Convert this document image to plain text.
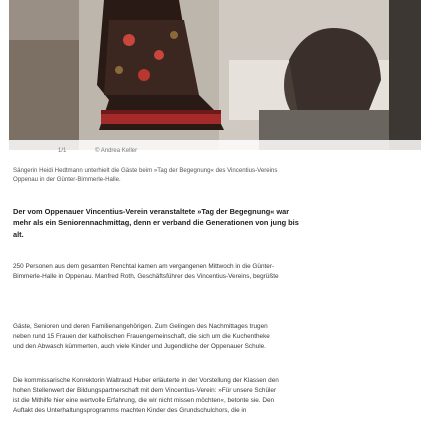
1/1	© Andrea Keller
Sängerin Heidi Hedtmann unterhielt die Gäste beim »Tag der Begegnung« des Vincentius-Vereins
Oppenau in der Günter-Bimmerle-Halle.
Der vom Oppenauer Vincentius-Verein veranstaltete »Tag der Begegnung« war
mehr als ein Seniorennachmittag, denn er verband die Generationen von jung bis
alt.
250 Personen aus dem gesamten Renchtal kamen am vergangenen Mittwoch in die Günter-
Bimmerle-Halle in Oppenau. Manfred Roth, Geschäftsführer des Vincentius-Vereins, begrüßte
Gäste, Senioren und deren Familienangehörigen. Zum Gelingen des Nachmittages trugen
neben rund 15 Frauen der katholischen Frauengemeinschaft, die sich um die Kuchentheke
und den Abwasch kümmerten, auch viele Kinder und Jugendliche der Oppenauer Schule.
Die kommissarische Konrektorin Waltraud Huber erläuterte in der Vorstellung der Klassen den
hohen Stellenwert der Bildungspartnerschaft mit dem Vincentius-Verein: »Für unsere Schüler
ist die Mithilfe hier eine wertvolle Erfahrung, die wir nicht missen möchten«, betonte sie. Den
Auftakt des Unterhaltungsprogramms machten Kinder des Grundschulchors, die in
